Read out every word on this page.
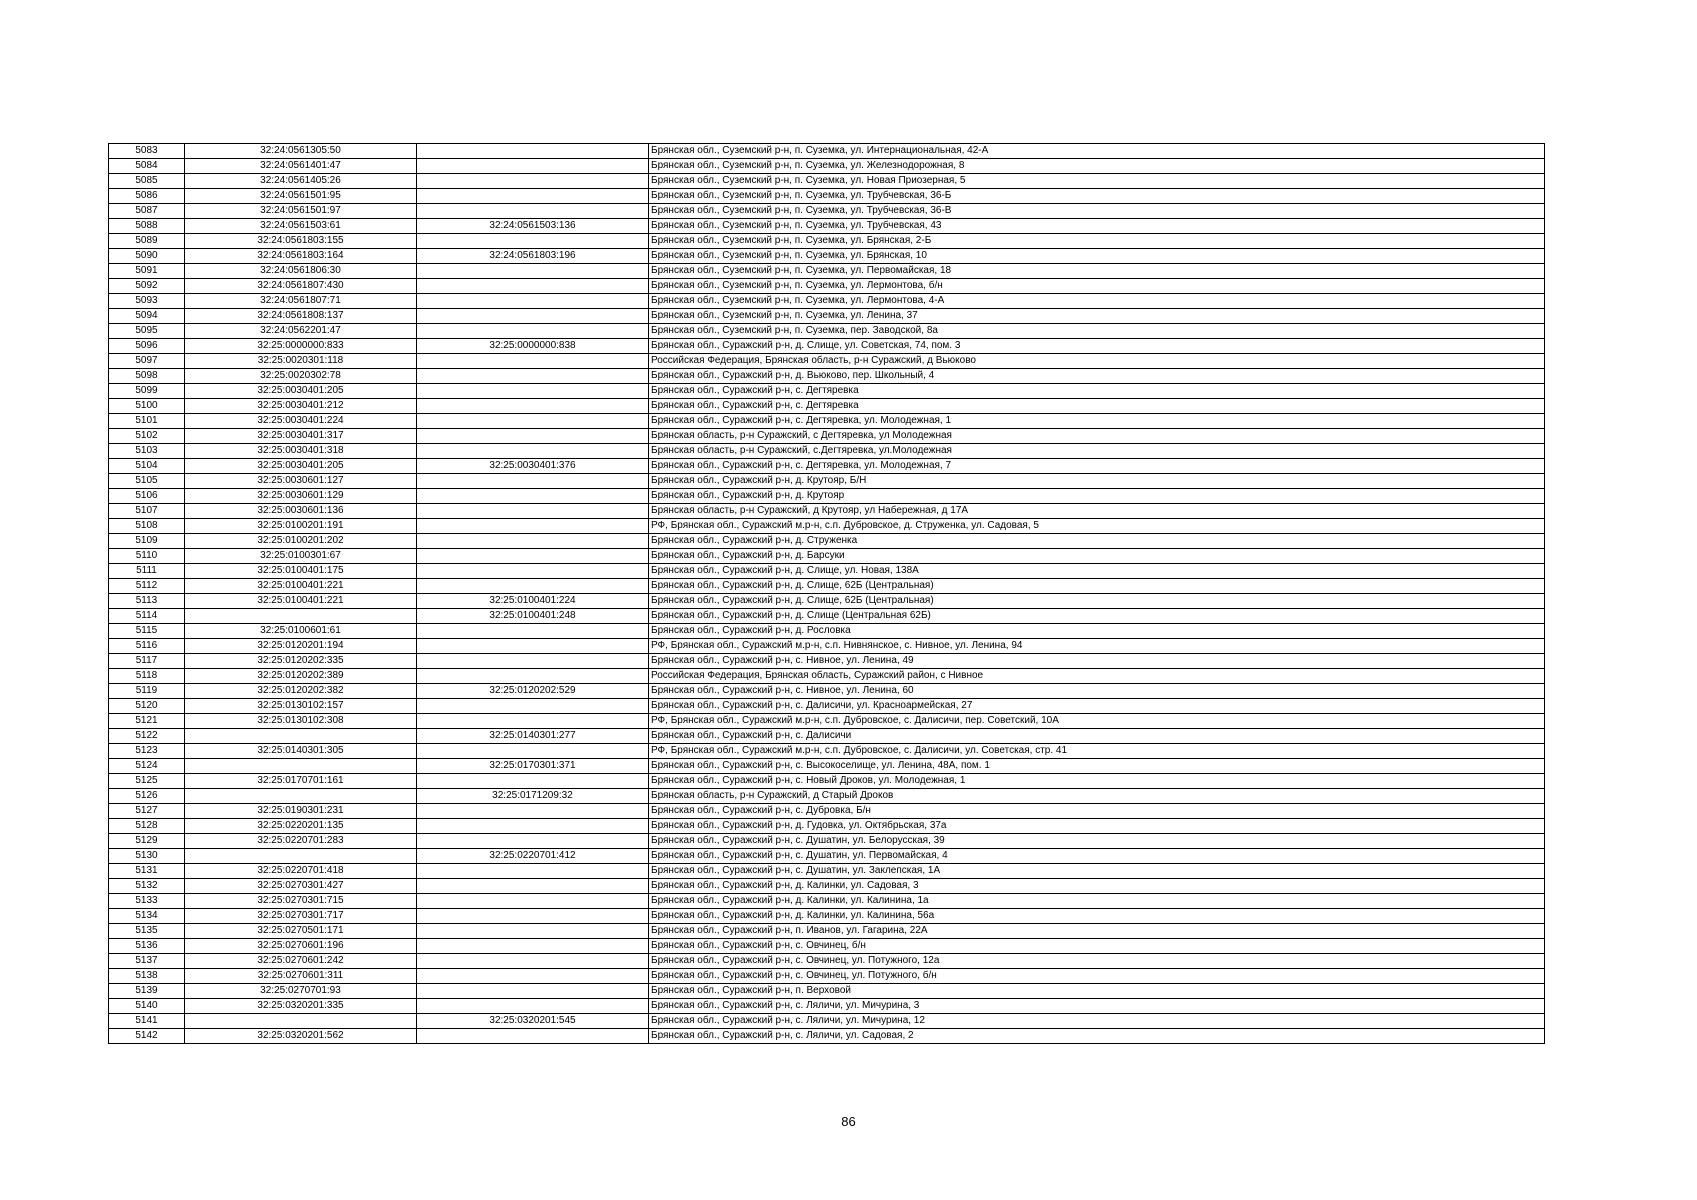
5083	32:24:0561305:50		Брянская обл., Суземский р-н, п. Суземка, ул. Интернациональная, 42-А
5084	32:24:0561401:47		Брянская обл., Суземский р-н, п. Суземка, ул. Железнодорожная, 8
5085	32:24:0561405:26		Брянская обл., Суземский р-н, п. Суземка, ул. Новая Приозерная, 5
5086	32:24:0561501:95		Брянская обл., Суземский р-н, п. Суземка, ул. Трубчевская, 36-Б
5087	32:24:0561501:97		Брянская обл., Суземский р-н, п. Суземка, ул. Трубчевская, 36-В
5088	32:24:0561503:61	32:24:0561503:136	Брянская обл., Суземский р-н, п. Суземка, ул. Трубчевская, 43
5089	32:24:0561803:155		Брянская обл., Суземский р-н, п. Суземка, ул. Брянская, 2-Б
5090	32:24:0561803:164	32:24:0561803:196	Брянская обл., Суземский р-н, п. Суземка, ул. Брянская, 10
5091	32:24:0561806:30		Брянская обл., Суземский р-н, п. Суземка, ул. Первомайская, 18
5092	32:24:0561807:430		Брянская обл., Суземский р-н, п. Суземка, ул. Лермонтова, б/н
5093	32:24:0561807:71		Брянская обл., Суземский р-н, п. Суземка, ул. Лермонтова, 4-А
5094	32:24:0561808:137		Брянская обл., Суземский р-н, п. Суземка, ул. Ленина, 37
5095	32:24:0562201:47		Брянская обл., Суземский р-н, п. Суземка, пер. Заводской, 8а
5096	32:25:0000000:833	32:25:0000000:838	Брянская обл., Суражский р-н, д. Слище, ул. Советская, 74, пом. 3
5097	32:25:0020301:118		Российская Федерация, Брянская область, р-н Суражский, д Вьюково
5098	32:25:0020302:78		Брянская обл., Суражский р-н, д. Вьюково, пер. Школьный, 4
5099	32:25:0030401:205		Брянская обл., Суражский р-н, с. Дегтяревка
5100	32:25:0030401:212		Брянская обл., Суражский р-н, с. Дегтяревка
5101	32:25:0030401:224		Брянская обл., Суражский р-н, с. Дегтяревка, ул. Молодежная, 1
5102	32:25:0030401:317		Брянская область, р-н Суражский, с Дегтяревка, ул Молодежная
5103	32:25:0030401:318		Брянская область, р-н Суражский, с.Дегтяревка, ул.Молодежная
5104	32:25:0030401:205	32:25:0030401:376	Брянская обл., Суражский р-н, с. Дегтяревка, ул. Молодежная, 7
5105	32:25:0030601:127		Брянская обл., Суражский р-н, д. Крутояр, Б/Н
5106	32:25:0030601:129		Брянская обл., Суражский р-н, д. Крутояр
5107	32:25:0030601:136		Брянская область, р-н Суражский, д Крутояр, ул Набережная, д 17А
5108	32:25:0100201:191		РФ, Брянская обл., Суражский м.р-н, с.п. Дубровское, д. Струженка, ул. Садовая, 5
5109	32:25:0100201:202		Брянская обл., Суражский р-н, д. Струженка
5110	32:25:0100301:67		Брянская обл., Суражский р-н, д. Барсуки
5111	32:25:0100401:175		Брянская обл., Суражский р-н, д. Слище, ул. Новая, 138А
5112	32:25:0100401:221		Брянская обл., Суражский р-н, д. Слище, 62Б (Центральная)
5113	32:25:0100401:221	32:25:0100401:224	Брянская обл., Суражский р-н, д. Слище, 62Б (Центральная)
5114		32:25:0100401:248	Брянская обл., Суражский р-н, д. Слище (Центральная 62Б)
5115	32:25:0100601:61		Брянская обл., Суражский р-н, д. Рословка
5116	32:25:0120201:194		РФ, Брянская обл., Суражский м.р-н, с.п. Нивнянское, с. Нивное, ул. Ленина, 94
5117	32:25:0120202:335		Брянская обл., Суражский р-н, с. Нивное, ул. Ленина, 49
5118	32:25:0120202:389		Российская Федерация, Брянская область, Суражский район, с Нивное
5119	32:25:0120202:382	32:25:0120202:529	Брянская обл., Суражский р-н, с. Нивное, ул. Ленина, 60
5120	32:25:0130102:157		Брянская обл., Суражский р-н, с. Далисичи, ул. Красноармейская, 27
5121	32:25:0130102:308		РФ, Брянская обл., Суражский м.р-н, с.п. Дубровское, с. Далисичи, пер. Советский, 10А
5122		32:25:0140301:277	Брянская обл., Суражский р-н, с. Далисичи
5123	32:25:0140301:305		РФ, Брянская обл., Суражский м.р-н, с.п. Дубровское, с. Далисичи, ул. Советская, стр. 41
5124		32:25:0170301:371	Брянская обл., Суражский р-н, с. Высокоселище, ул. Ленина, 48А, пом. 1
5125	32:25:0170701:161		Брянская обл., Суражский р-н, с. Новый Дроков, ул. Молодежная, 1
5126		32:25:0171209:32	Брянская область, р-н Суражский, д Старый Дроков
5127	32:25:0190301:231		Брянская обл., Суражский р-н, с. Дубровка, Б/н
5128	32:25:0220201:135		Брянская обл., Суражский р-н, д. Гудовка, ул. Октябрьская, 37а
5129	32:25:0220701:283		Брянская обл., Суражский р-н, с. Душатин, ул. Белорусская, 39
5130		32:25:0220701:412	Брянская обл., Суражский р-н, с. Душатин, ул. Первомайская, 4
5131	32:25:0220701:418		Брянская обл., Суражский р-н, с. Душатин, ул. Заклепская, 1А
5132	32:25:0270301:427		Брянская обл., Суражский р-н, д. Калинки, ул. Садовая, 3
5133	32:25:0270301:715		Брянская обл., Суражский р-н, д. Калинки, ул. Калинина, 1а
5134	32:25:0270301:717		Брянская обл., Суражский р-н, д. Калинки, ул. Калинина, 56а
5135	32:25:0270501:171		Брянская обл., Суражский р-н, п. Иванов, ул. Гагарина, 22А
5136	32:25:0270601:196		Брянская обл., Суражский р-н, с. Овчинец, б/н
5137	32:25:0270601:242		Брянская обл., Суражский р-н, с. Овчинец, ул. Потужного, 12а
5138	32:25:0270601:311		Брянская обл., Суражский р-н, с. Овчинец, ул. Потужного, б/н
5139	32:25:0270701:93		Брянская обл., Суражский р-н, п. Верховой
5140	32:25:0320201:335		Брянская обл., Суражский р-н, с. Ляличи, ул. Мичурина, 3
5141		32:25:0320201:545	Брянская обл., Суражский р-н, с. Ляличи, ул. Мичурина, 12
5142	32:25:0320201:562		Брянская обл., Суражский р-н, с. Ляличи, ул. Садовая, 2
86
